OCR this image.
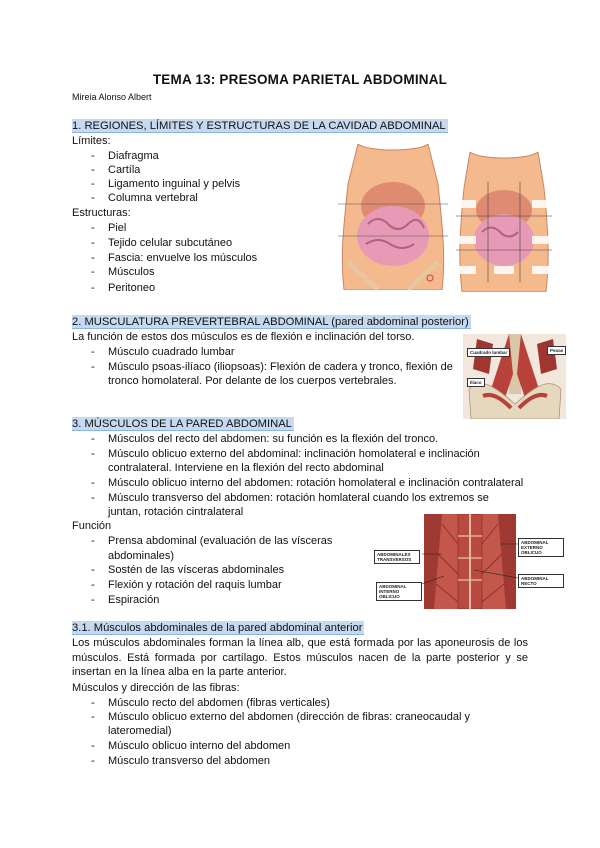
TEMA 13: PRESOMA PARIETAL ABDOMINAL
Mireia Alonso Albert
1. REGIONES, LÍMITES Y ESTRUCTURAS DE LA CAVIDAD ABDOMINAL
Límites:
- Diafragma
- Cartíla
- Ligamento inguinal y pelvis
- Columna vertebral
Estructuras:
- Piel
- Tejido celular subcutáneo
- Fascia: envuelve los músculos
- Músculos
- Peritoneo
2. MUSCULATURA PREVERTEBRAL ABDOMINAL (pared abdominal posterior)
La función de estos dos músculos es de flexión e inclinación del torso.
- Músculo cuadrado lumbar
- Músculo psoas-ilíaco (iliopsoas): Flexión de cadera y tronco, flexión de
tronco homolateral. Por delante de los cuerpos vertebrales.
Cuadrado lumbar	Psoas
Ilíaco
3. MÚSCULOS DE LA PARED ABDOMINAL
- Músculos del recto del abdomen: su función es la flexión del tronco.
- Músculo oblicuo externo del abdominal: inclinación homolateral e inclinación
contralateral. Interviene en la flexión del recto abdominal
- Músculo oblicuo interno del abdomen: rotación homolateral e inclinación contralateral
- Músculo transverso del abdomen: rotación homlateral cuando los extremos se
juntan, rotación cintralateral
Función
- Prensa abdominal (evaluación de las vísceras
abdominales)
- Sostén de las vísceras abdominales
- Flexión y rotación del raquis lumbar
- Espiración
ABDOMINALES TRANSVERSOS
ABDOMINAL EXTERNO OBLICUO
ABDOMINAL INTERNO OBLICUO
ABDOMINAL RECTO
3.1. Músculos abdominales de la pared abdominal anterior
Los músculos abdominales forman la línea alb, que está formada por las aponeurosis de los músculos. Está formada por cartílago. Estos músculos nacen de la parte posterior y se insertan en la línea alba en la parte anterior.
Músculos y dirección de las fibras:
- Músculo recto del abdomen (fibras verticales)
- Músculo oblicuo externo del abdomen (dirección de fibras: craneocaudal y
lateromedial)
- Músculo oblicuo interno del abdomen
- Músculo transverso del abdomen
